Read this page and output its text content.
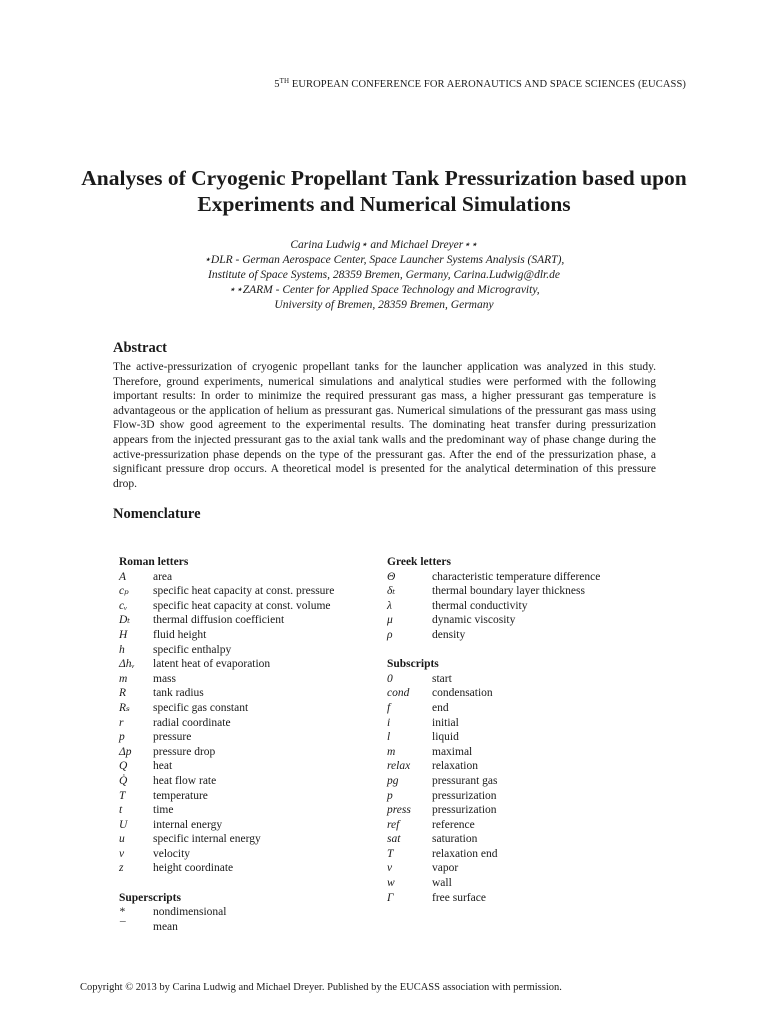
5TH EUROPEAN CONFERENCE FOR AERONAUTICS AND SPACE SCIENCES (EUCASS)
Analyses of Cryogenic Propellant Tank Pressurization based upon Experiments and Numerical Simulations
Carina Ludwig⋆ and Michael Dreyer⋆⋆
⋆DLR - German Aerospace Center, Space Launcher Systems Analysis (SART),
Institute of Space Systems, 28359 Bremen, Germany, Carina.Ludwig@dlr.de
⋆⋆ZARM - Center for Applied Space Technology and Microgravity,
University of Bremen, 28359 Bremen, Germany
Abstract
The active-pressurization of cryogenic propellant tanks for the launcher application was analyzed in this study. Therefore, ground experiments, numerical simulations and analytical studies were performed with the following important results: In order to minimize the required pressurant gas mass, a higher pressurant gas temperature is advantageous or the application of helium as pressurant gas. Numerical simulations of the pressurant gas mass using Flow-3D show good agreement to the experimental results. The dominating heat transfer during pressurization appears from the injected pressurant gas to the axial tank walls and the predominant way of phase change during the active-pressurization phase depends on the type of the pressurant gas. After the end of the pressurization phase, a significant pressure drop occurs. A theoretical model is presented for the analytical determination of this pressure drop.
Nomenclature
Roman letters
A	area
cₚ	specific heat capacity at const. pressure
cᵥ	specific heat capacity at const. volume
Dₜ	thermal diffusion coefficient
H	fluid height
h	specific enthalpy
Δhᵥ	latent heat of evaporation
m	mass
R	tank radius
Rₛ	specific gas constant
r	radial coordinate
p	pressure
Δp	pressure drop
Q	heat
Q̇	heat flow rate
T	temperature
t	time
U	internal energy
u	specific internal energy
v	velocity
z	height coordinate
Superscripts
*	nondimensional
¯	mean
Greek letters
Θ	characteristic temperature difference
δₜ	thermal boundary layer thickness
λ	thermal conductivity
μ	dynamic viscosity
ρ	density
Subscripts
0	start
cond	condensation
f	end
i	initial
l	liquid
m	maximal
relax	relaxation
pg	pressurant gas
p	pressurization
press	pressurization
ref	reference
sat	saturation
T	relaxation end
v	vapor
w	wall
Γ	free surface
Copyright © 2013 by Carina Ludwig and Michael Dreyer. Published by the EUCASS association with permission.
